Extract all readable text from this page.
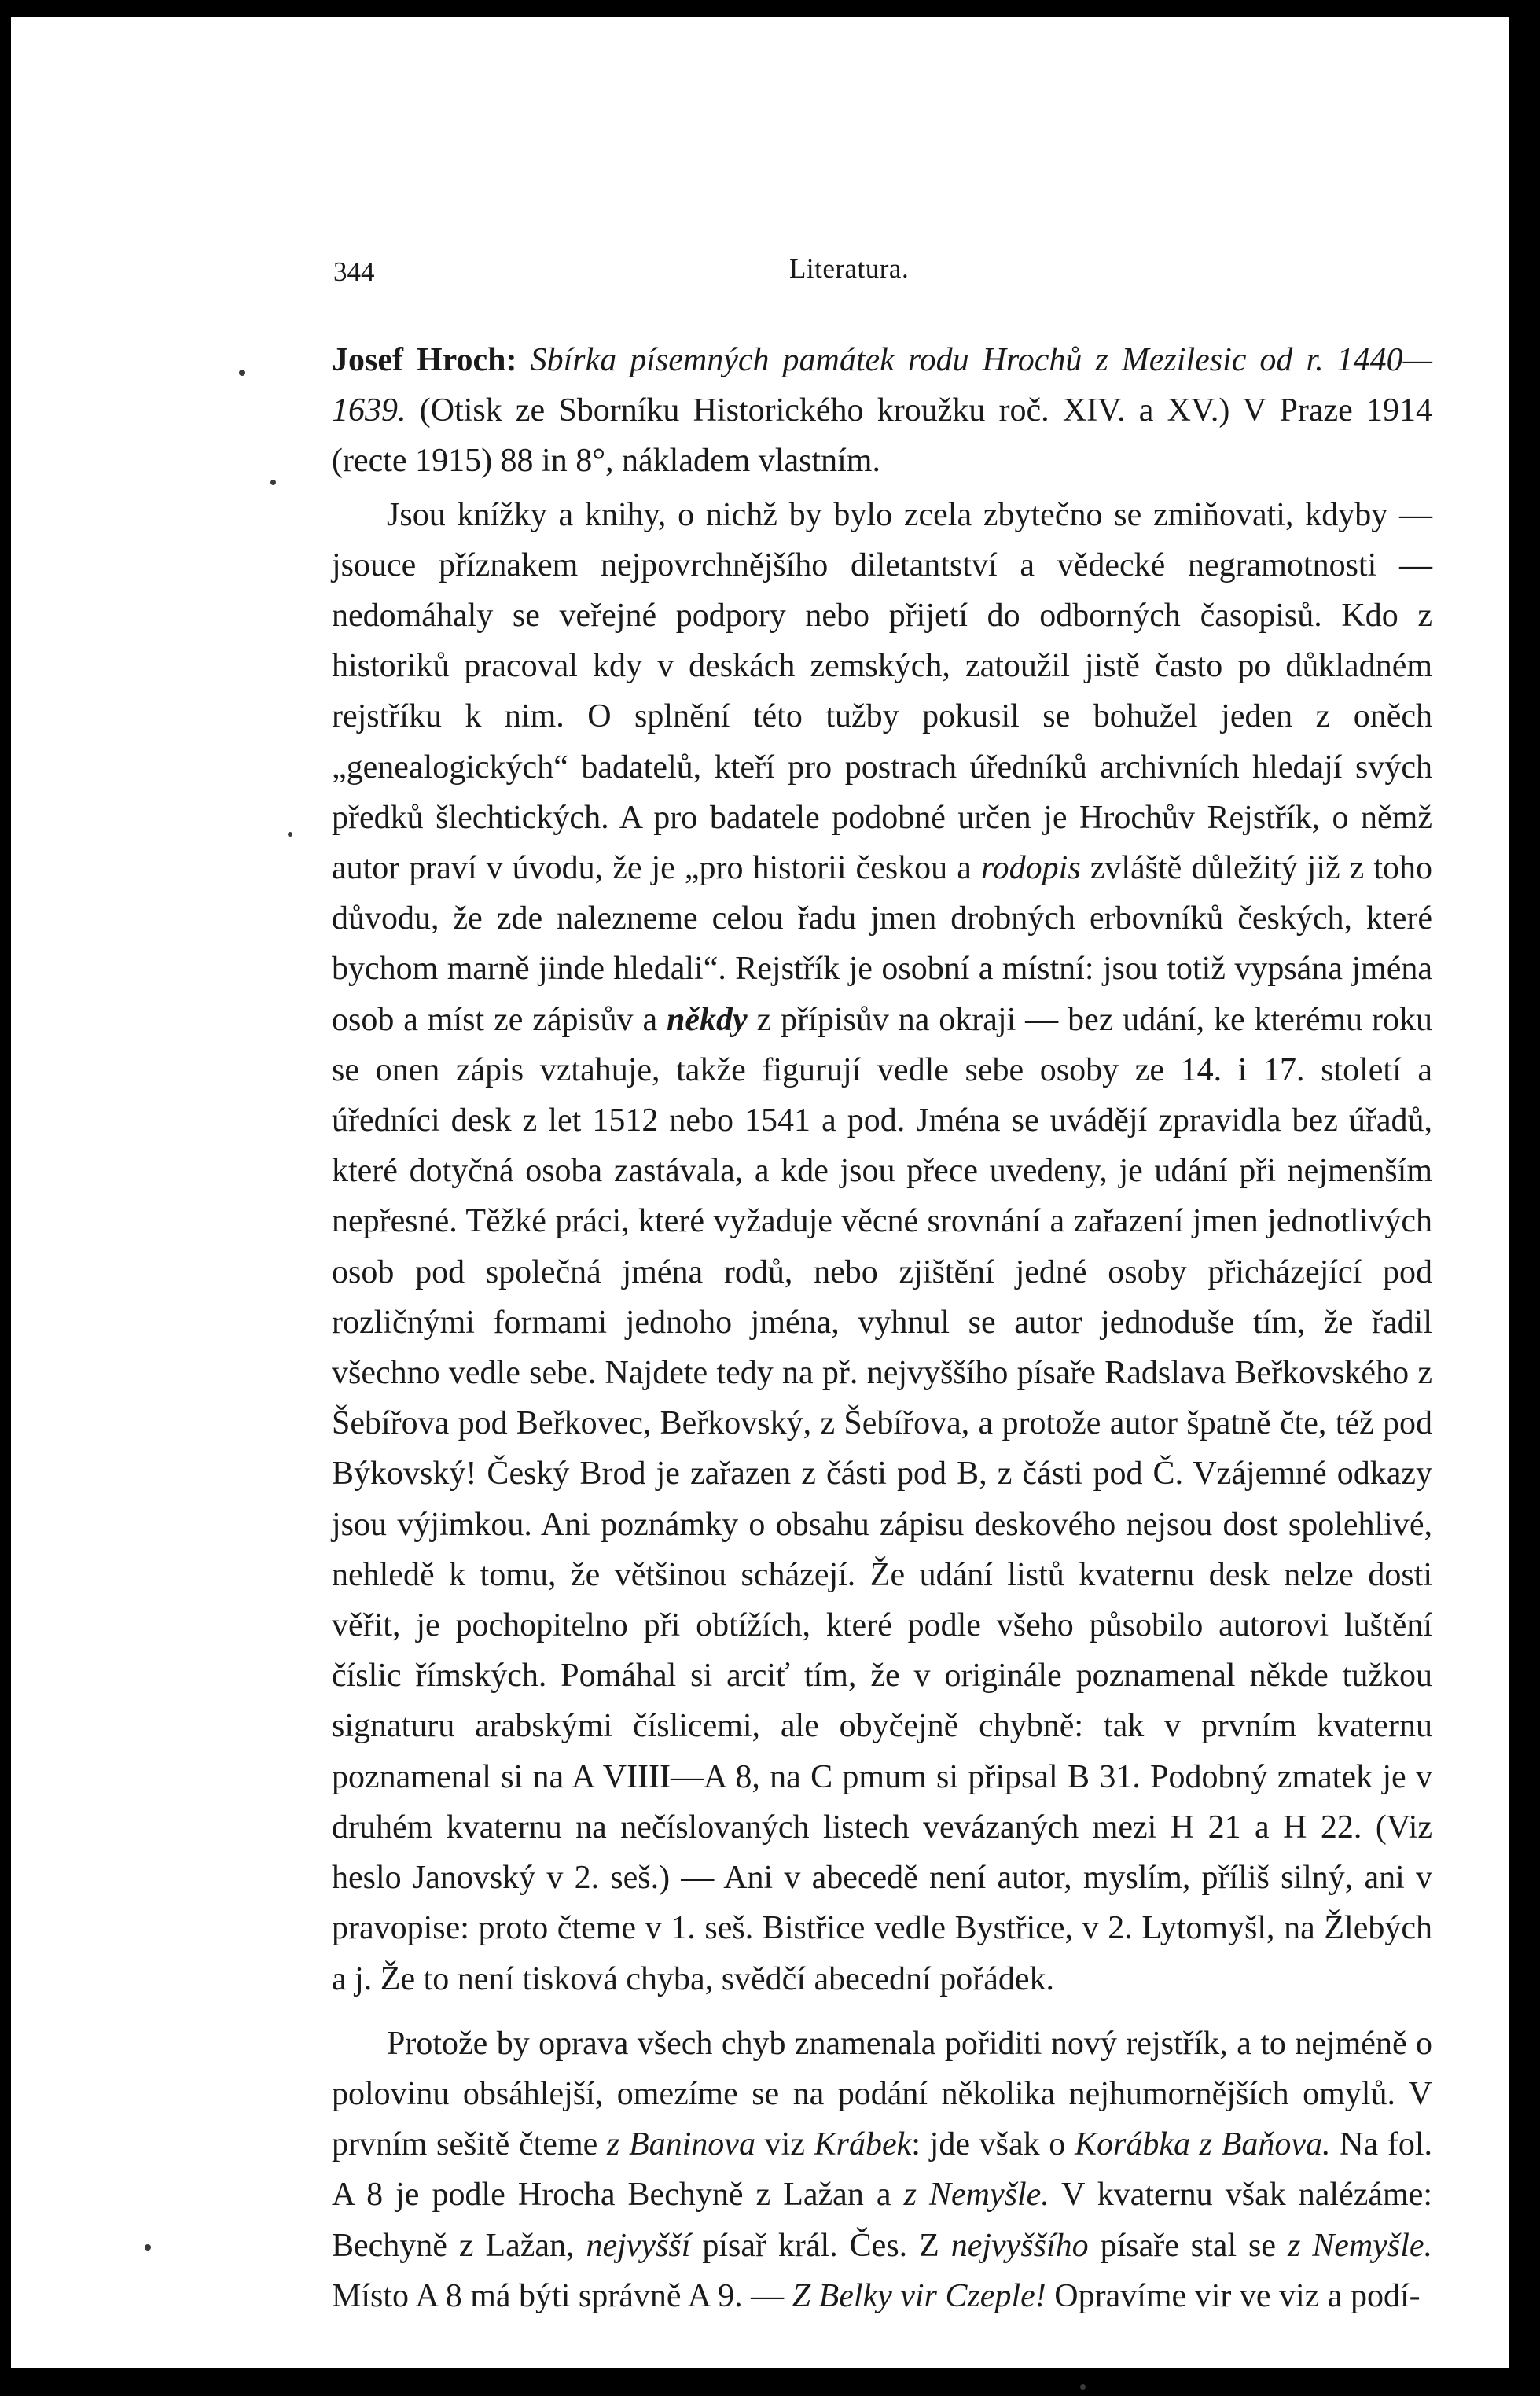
344	Literatura.

Josef Hroch: Sbírka písemných památek rodu Hrochů z Mezilesic od r. 1440—1639. (Otisk ze Sborníku Historického kroužku roč. XIV. a XV.) V Praze 1914 (recte 1915) 88 in 8°, nákladem vlastním.

Jsou knížky a knihy, o nichž by bylo zcela zbytečno se zmiňovati, kdyby — jsouce příznakem nejpovrchnějšího diletantství a vědecké negramotnosti — nedomáhaly se veřejné podpory nebo přijetí do odborných časopisů. Kdo z historiků pracoval kdy v deskách zemských, zatoužil jistě často po důkladném rejstříku k nim. O splnění této tužby pokusil se bohužel jeden z oněch „genealogických“ badatelů, kteří pro postrach úředníků archivních hledají svých předků šlechtických. A pro badatele podobné určen je Hrochův Rejstřík, o němž autor praví v úvodu, že je „pro historii českou a rodopis zvláště důležitý již z toho důvodu, že zde nalezneme celou řadu jmen drobných erbovníků českých, které bychom marně jinde hledali“. Rejstřík je osobní a místní: jsou totiž vypsána jména osob a míst ze zápisův a někdy z přípisův na okraji — bez udání, ke kterému roku se onen zápis vztahuje, takže figurují vedle sebe osoby ze 14. i 17. století a úředníci desk z let 1512 nebo 1541 a pod. Jména se uvádějí zpravidla bez úřadů, které dotyčná osoba zastávala, a kde jsou přece uvedeny, je udání při nejmenším nepřesné. Těžké práci, které vyžaduje věcné srovnání a zařazení jmen jednotlivých osob pod společná jména rodů, nebo zjištění jedné osoby přicházející pod rozličnými formami jednoho jména, vyhnul se autor jednoduše tím, že řadil všechno vedle sebe. Najdete tedy na př. nejvyššího písaře Radslava Beřkovského z Šebířova pod Beřkovec, Beřkovský, z Šebířova, a protože autor špatně čte, též pod Býkovský! Český Brod je zařazen z části pod B, z části pod Č. Vzájemné odkazy jsou výjimkou. Ani poznámky o obsahu zápisu deskového nejsou dost spolehlivé, nehledě k tomu, že většinou scházejí. Že udání listů kvaternu desk nelze dosti věřit, je pochopitelno při obtížích, které podle všeho působilo autorovi luštění číslic římských. Pomáhal si arciť tím, že v originále poznamenal někde tužkou signaturu arabskými číslicemi, ale obyčejně chybně: tak v prvním kvaternu poznamenal si na A VIIII—A 8, na C pmum si připsal B 31. Podobný zmatek je v druhém kvaternu na nečíslovaných listech vevázaných mezi H 21 a H 22. (Viz heslo Janovský v 2. seš.) — Ani v abecedě není autor, myslím, příliš silný, ani v pravopise: proto čteme v 1. seš. Bistřice vedle Bystřice, v 2. Lytomyšl, na Žlebých a j. Že to není tisková chyba, svědčí abecední pořádek.

Protože by oprava všech chyb znamenala pořiditi nový rejstřík, a to nejméně o polovinu obsáhlejší, omezíme se na podání několika nejhumornějších omylů. V prvním sešitě čteme z Baninova viz Krábek: jde však o Korábka z Baňova. Na fol. A 8 je podle Hrocha Bechyně z Lažan a z Nemyšle. V kvaternu však nalézáme: Bechyně z Lažan, nejvyšší písař král. Čes. Z nejvyššího písaře stal se z Nemyšle. Místo A 8 má býti správně A 9. — Z Belky vir Czeple! Opravíme vir ve viz a podí-
